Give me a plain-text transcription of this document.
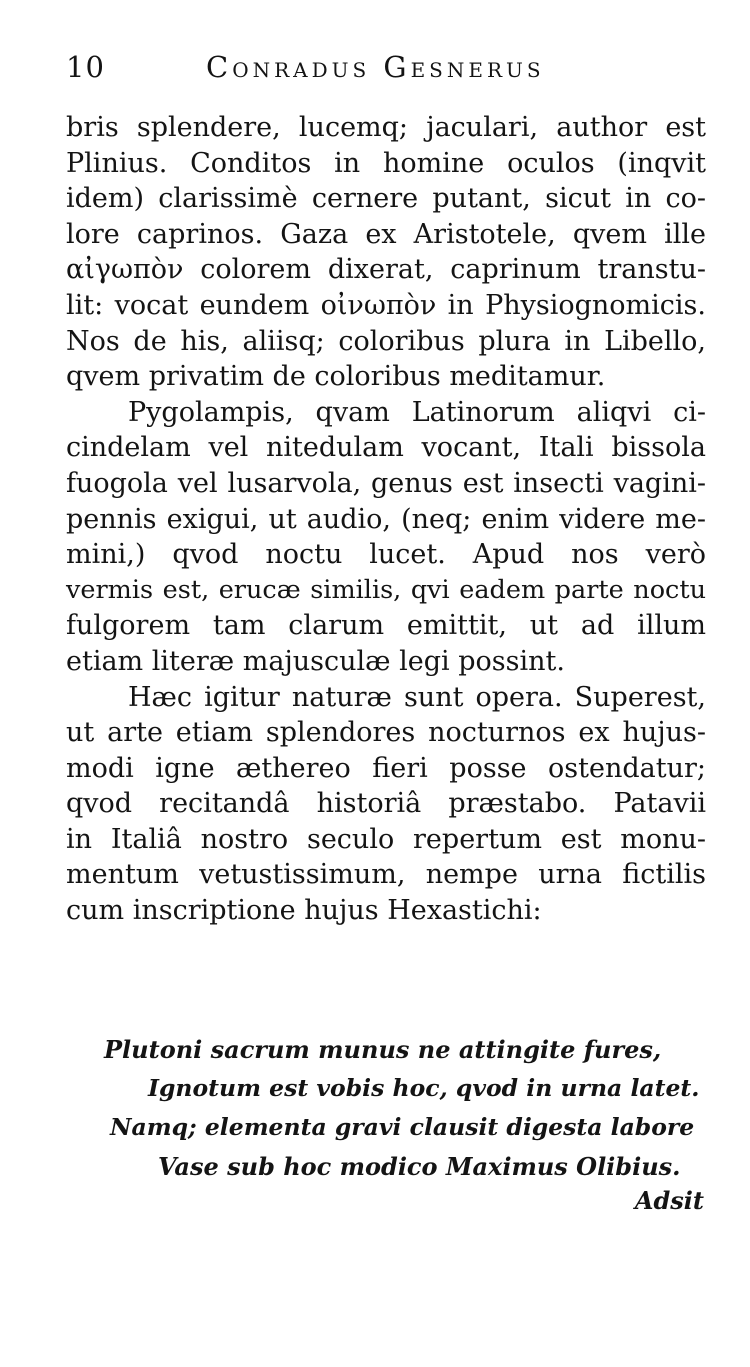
10	Conradus Gesnerus
bris splendere, lucemq; jaculari, author est
Plinius. Conditos in homine oculos (inqvit
idem) clarissimè cernere putant, sicut in co-
lore caprinos. Gaza ex Aristotele, qvem ille
αἰγωπὸν colorem dixerat, caprinum transtu-
lit: vocat eundem οἰνωπὸν in Physiognomicis.
Nos de his, aliisq; coloribus plura in Libello,
qvem privatim de coloribus meditamur.
Pygolampis, qvam Latinorum aliqvi ci-
cindelam vel nitedulam vocant, Itali bissola
fuogola vel lusarvola, genus est insecti vagini-
pennis exigui, ut audio, (neq; enim videre me-
mini,) qvod noctu lucet. Apud nos verò
vermis est, erucæ similis, qvi eadem parte noctu
fulgorem tam clarum emittit, ut ad illum
etiam literæ majusculæ legi possint.
Hæc igitur naturæ sunt opera. Superest,
ut arte etiam splendores nocturnos ex hujus-
modi igne æthereo fieri posse ostendatur;
qvod recitandâ historiâ præstabo. Patavii
in Italiâ nostro seculo repertum est monu-
mentum vetustissimum, nempe urna fictilis
cum inscriptione hujus Hexastichi:
Plutoni sacrum munus ne attingite fures,
Ignotum est vobis hoc, qvod in urna latet.
Namq; elementa gravi clausit digesta labore
Vase sub hoc modico Maximus Olibius.
Adsit
